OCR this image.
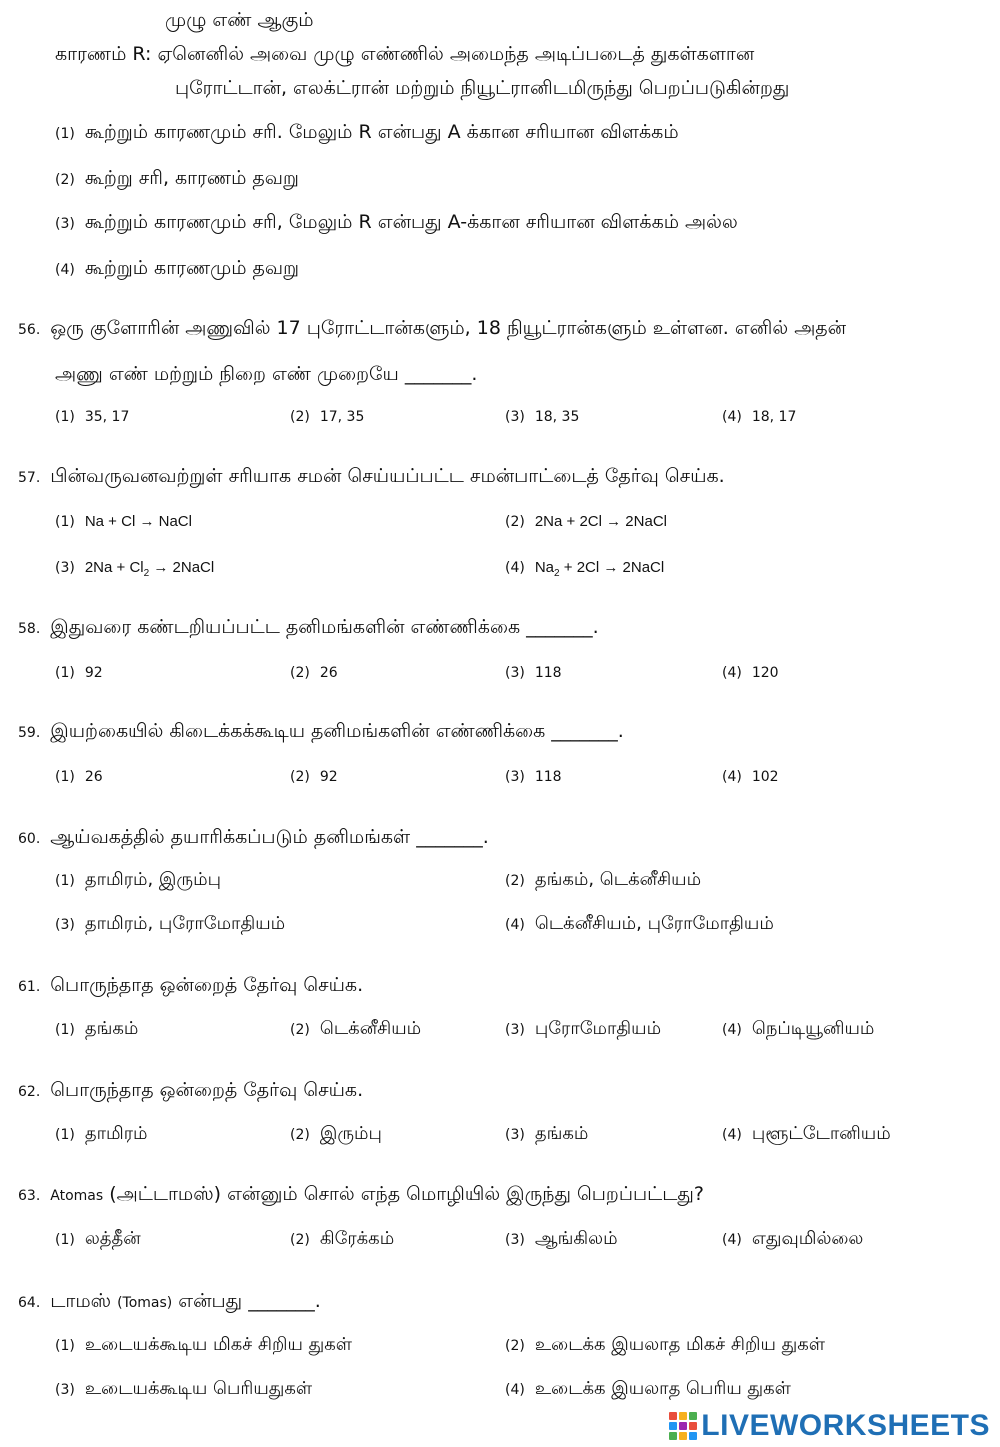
முழு எண் ஆகும்
காரணம் R: ஏனெனில் அவை முழு எண்ணில் அமைந்த அடிப்படைத் துகள்களான
புரோட்டான், எலக்ட்ரான் மற்றும் நியூட்ரானிடமிருந்து பெறப்படுகின்றது
(1) கூற்றும் காரணமும் சரி. மேலும் R என்பது A க்கான சரியான விளக்கம்
(2) கூற்று சரி, காரணம் தவறு
(3) கூற்றும் காரணமும் சரி, மேலும் R என்பது A-க்கான சரியான விளக்கம் அல்ல
(4) கூற்றும் காரணமும் தவறு
56. ஒரு குளோரின் அணுவில் 17 புரோட்டான்களும், 18 நியூட்ரான்களும் உள்ளன. எனில் அதன்
அணு எண் மற்றும் நிறை எண் முறையே _______.
(1) 35, 17	(2) 17, 35	(3) 18, 35	(4) 18, 17
57. பின்வருவனவற்றுள் சரியாக சமன் செய்யப்பட்ட சமன்பாட்டைத் தேர்வு செய்க.
(1) Na + Cl → NaCl	(2) 2Na + 2Cl → 2NaCl
(3) $2Na + Cl_2$ → 2NaCl	(4) $Na_2 + 2Cl$ → 2NaCl
58. இதுவரை கண்டறியப்பட்ட தனிமங்களின் எண்ணிக்கை _______.
(1) 92	(2) 26	(3) 118	(4) 120
59. இயற்கையில் கிடைக்கக்கூடிய தனிமங்களின் எண்ணிக்கை _______.
(1) 26	(2) 92	(3) 118	(4) 102
60. ஆய்வகத்தில் தயாரிக்கப்படும் தனிமங்கள் _______.
(1) தாமிரம், இரும்பு	(2) தங்கம், டெக்னீசியம்
(3) தாமிரம், புரோமோதியம்	(4) டெக்னீசியம், புரோமோதியம்
61. பொருந்தாத ஒன்றைத் தேர்வு செய்க.
(1) தங்கம்	(2) டெக்னீசியம்	(3) புரோமோதியம்	(4) நெப்டியூனியம்
62. பொருந்தாத ஒன்றைத் தேர்வு செய்க.
(1) தாமிரம்	(2) இரும்பு	(3) தங்கம்	(4) புளூட்டோனியம்
63. Atomas (அட்டாமஸ்) என்னும் சொல் எந்த மொழியில் இருந்து பெறப்பட்டது?
(1) லத்தீன்	(2) கிரேக்கம்	(3) ஆங்கிலம்	(4) எதுவுமில்லை
64. டாமஸ் (Tomas) என்பது _______.
(1) உடையக்கூடிய மிகச் சிறிய துகள்	(2) உடைக்க இயலாத மிகச் சிறிய துகள்
(3) உடையக்கூடிய பெரியதுகள்	(4) உடைக்க இயலாத பெரிய துகள்
LIVEWORKSHEETS
